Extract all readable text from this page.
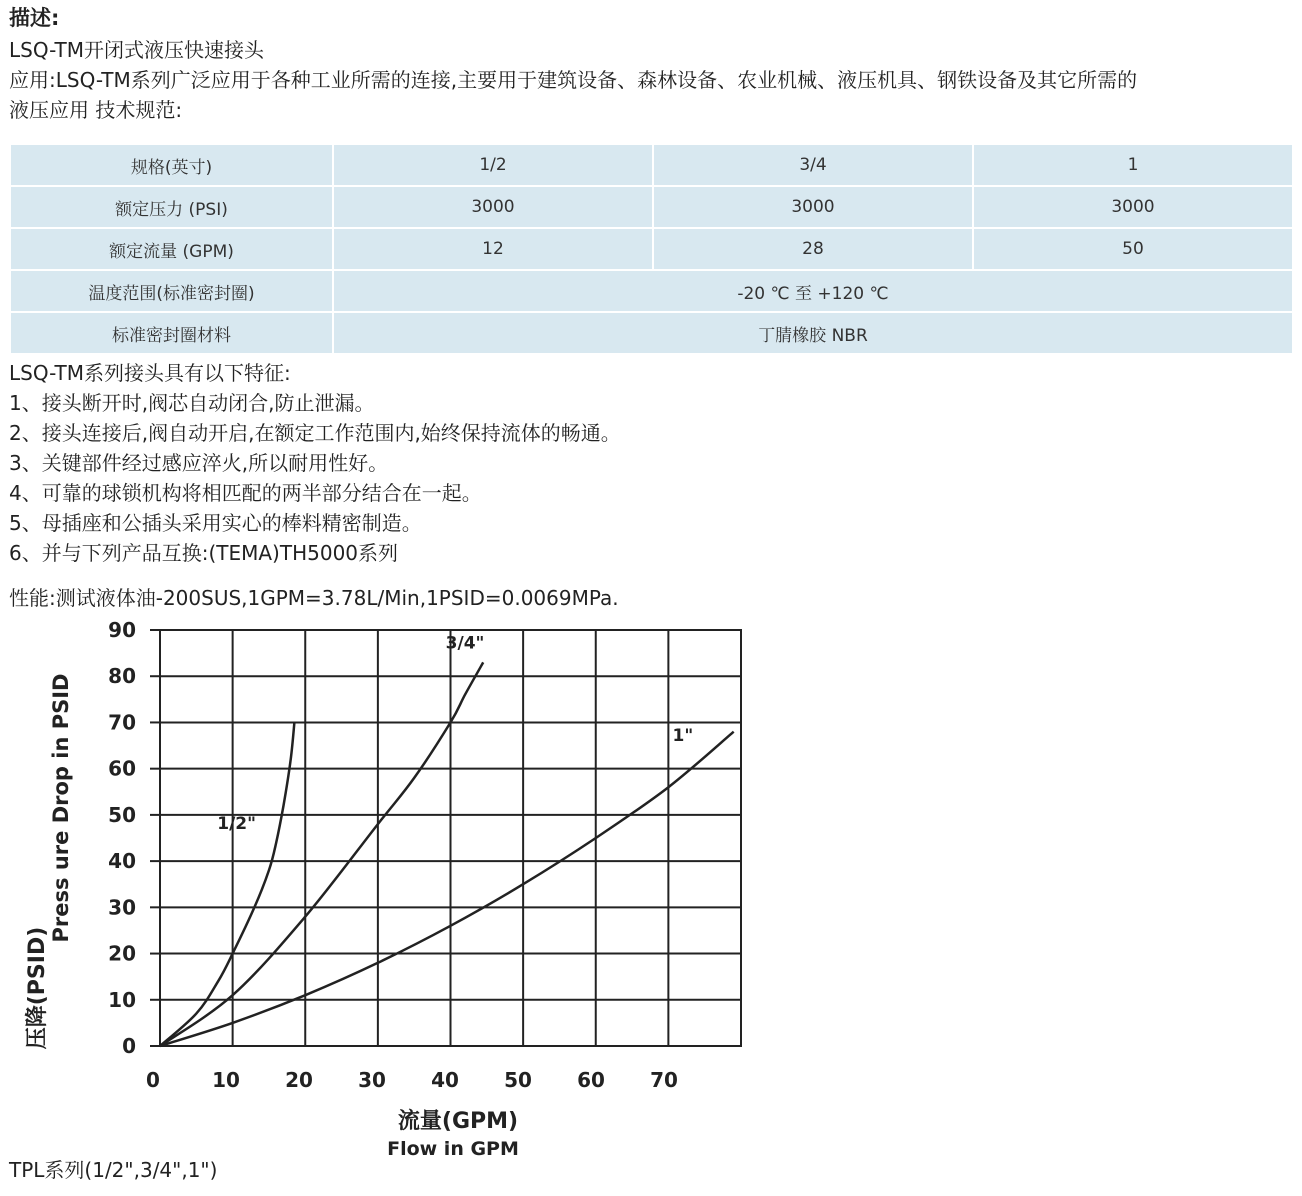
描述:

LSQ-TM开闭式液压快速接头

应用:LSQ-TM系列广泛应用于各种工业所需的连接,主要用于建筑设备、森林设备、农业机械、液压机具、钢铁设备及其它所需的

液压应用 技术规范:

规格(英寸)	1/2	3/4	1
额定压力 (PSI)	3000	3000	3000
额定流量 (GPM)	12	28	50
温度范围(标准密封圈)	-20 ℃ 至 +120 ℃		
标准密封圈材料	丁腈橡胶 NBR		
LSQ-TM系列接头具有以下特征:
1、接头断开时,阀芯自动闭合,防止泄漏。
2、接头连接后,阀自动开启,在额定工作范围内,始终保持流体的畅通。
3、关键部件经过感应淬火,所以耐用性好。
4、可靠的球锁机构将相匹配的两半部分结合在一起。
5、母插座和公插头采用实心的棒料精密制造。
6、并与下列产品互换:(TEMA)TH5000系列

性能:测试液体油-200SUS,1GPM=3.78L/Min,1PSID=0.0069MPa.

0
10
20
30
40
50
60
70
80
90
0	10 20 30 40 50 60 70
1/2"
3/4"
1"
压降(PSID)
Press ure Drop in PSID
流量(GPM)
Flow in GPM

TPL系列(1/2",3/4",1")
